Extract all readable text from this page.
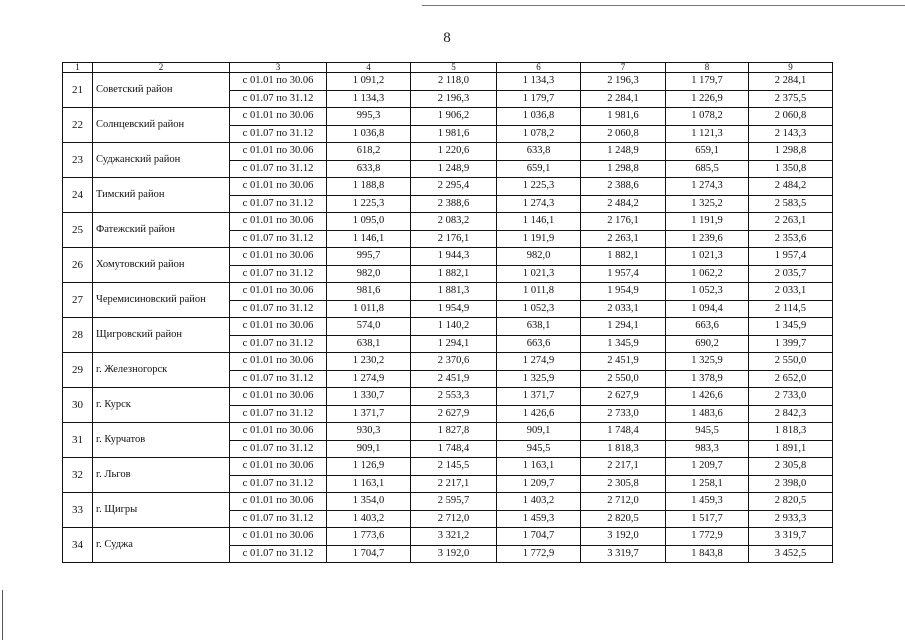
8
1	2	3	4	5	6	7	8	9
21	Советский район	с 01.01 по 30.06	1 091,2	2 118,0	1 134,3	2 196,3	1 179,7	2 284,1
		с 01.07 по 31.12	1 134,3	2 196,3	1 179,7	2 284,1	1 226,9	2 375,5
22	Солнцевский район	с 01.01 по 30.06	995,3	1 906,2	1 036,8	1 981,6	1 078,2	2 060,8
		с 01.07 по 31.12	1 036,8	1 981,6	1 078,2	2 060,8	1 121,3	2 143,3
23	Суджанский район	с 01.01 по 30.06	618,2	1 220,6	633,8	1 248,9	659,1	1 298,8
		с 01.07 по 31.12	633,8	1 248,9	659,1	1 298,8	685,5	1 350,8
24	Тимский район	с 01.01 по 30.06	1 188,8	2 295,4	1 225,3	2 388,6	1 274,3	2 484,2
		с 01.07 по 31.12	1 225,3	2 388,6	1 274,3	2 484,2	1 325,2	2 583,5
25	Фатежский район	с 01.01 по 30.06	1 095,0	2 083,2	1 146,1	2 176,1	1 191,9	2 263,1
		с 01.07 по 31.12	1 146,1	2 176,1	1 191,9	2 263,1	1 239,6	2 353,6
26	Хомутовский район	с 01.01 по 30.06	995,7	1 944,3	982,0	1 882,1	1 021,3	1 957,4
		с 01.07 по 31.12	982,0	1 882,1	1 021,3	1 957,4	1 062,2	2 035,7
27	Черемисиновский район	с 01.01 по 30.06	981,6	1 881,3	1 011,8	1 954,9	1 052,3	2 033,1
		с 01.07 по 31.12	1 011,8	1 954,9	1 052,3	2 033,1	1 094,4	2 114,5
28	Щигровский район	с 01.01 по 30.06	574,0	1 140,2	638,1	1 294,1	663,6	1 345,9
		с 01.07 по 31.12	638,1	1 294,1	663,6	1 345,9	690,2	1 399,7
29	г. Железногорск	с 01.01 по 30.06	1 230,2	2 370,6	1 274,9	2 451,9	1 325,9	2 550,0
		с 01.07 по 31.12	1 274,9	2 451,9	1 325,9	2 550,0	1 378,9	2 652,0
30	г. Курск	с 01.01 по 30.06	1 330,7	2 553,3	1 371,7	2 627,9	1 426,6	2 733,0
		с 01.07 по 31.12	1 371,7	2 627,9	1 426,6	2 733,0	1 483,6	2 842,3
31	г. Курчатов	с 01.01 по 30.06	930,3	1 827,8	909,1	1 748,4	945,5	1 818,3
		с 01.07 по 31.12	909,1	1 748,4	945,5	1 818,3	983,3	1 891,1
32	г. Льгов	с 01.01 по 30.06	1 126,9	2 145,5	1 163,1	2 217,1	1 209,7	2 305,8
		с 01.07 по 31.12	1 163,1	2 217,1	1 209,7	2 305,8	1 258,1	2 398,0
33	г. Щигры	с 01.01 по 30.06	1 354,0	2 595,7	1 403,2	2 712,0	1 459,3	2 820,5
		с 01.07 по 31.12	1 403,2	2 712,0	1 459,3	2 820,5	1 517,7	2 933,3
34	г. Суджа	с 01.01 по 30.06	1 773,6	3 321,2	1 704,7	3 192,0	1 772,9	3 319,7
		с 01.07 по 31.12	1 704,7	3 192,0	1 772,9	3 319,7	1 843,8	3 452,5
